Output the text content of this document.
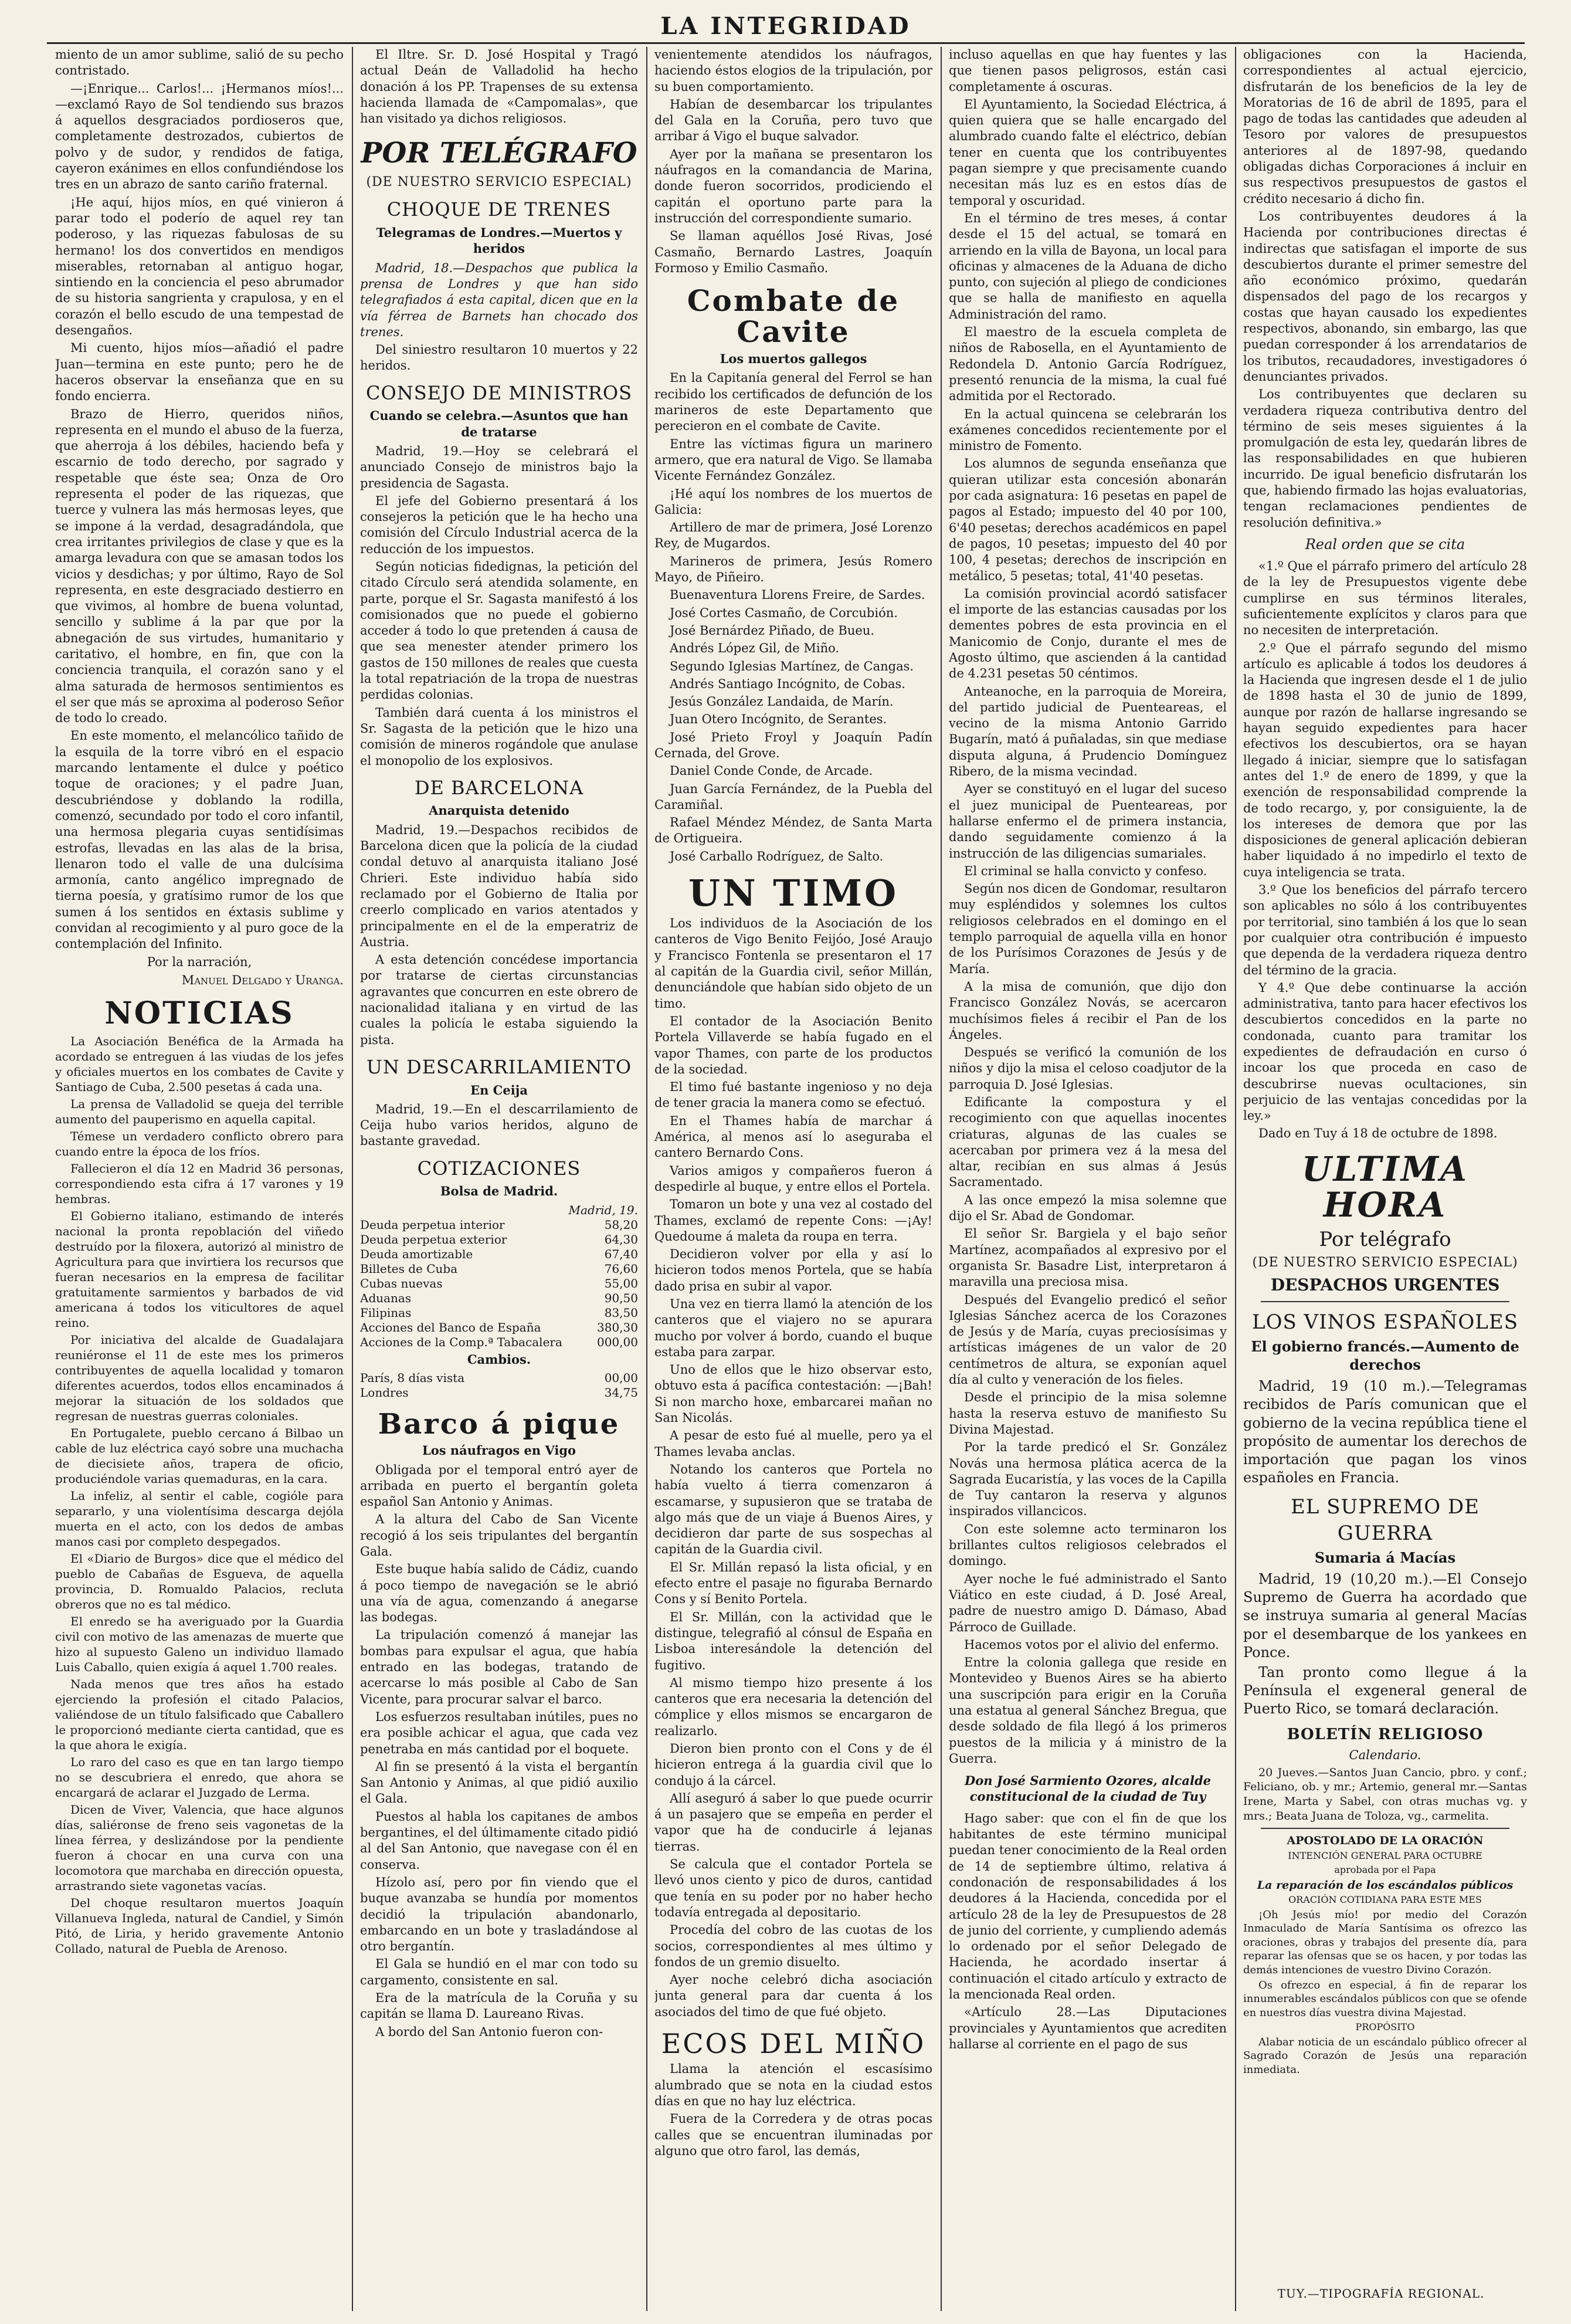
LA INTEGRIDAD

miento de un amor sublime, salió de su pecho contristado.

—¡Enrique... Carlos!... ¡Hermanos míos!...—exclamó Rayo de Sol tendiendo sus brazos á aquellos desgraciados pordioseros que, completamente destrozados, cubiertos de polvo y de sudor, y rendidos de fatiga, cayeron exánimes en ellos confundiéndose los tres en un abrazo de santo cariño fraternal.

¡He aquí, hijos míos, en qué vinieron á parar todo el poderío de aquel rey tan poderoso, y las riquezas fabulosas de su hermano! los dos convertidos en mendigos miserables, retornaban al antiguo hogar, sintiendo en la conciencia el peso abrumador de su historia sangrienta y crapulosa, y en el corazón el bello escudo de una tempestad de desengaños.

Mi cuento, hijos míos—añadió el padre Juan—termina en este punto; pero he de haceros observar la enseñanza que en su fondo encierra.

Brazo de Hierro, queridos niños, representa en el mundo el abuso de la fuerza, que aherroja á los débiles, haciendo befa y escarnio de todo derecho, por sagrado y respetable que éste sea; Onza de Oro representa el poder de las riquezas, que tuerce y vulnera las más hermosas leyes, que se impone á la verdad, desagradándola, que crea irritantes privilegios de clase y que es la amarga levadura con que se amasan todos los vicios y desdichas; y por último, Rayo de Sol representa, en este desgraciado destierro en que vivimos, al hombre de buena voluntad, sencillo y sublime á la par que por la abnegación de sus virtudes, humanitario y caritativo, el hombre, en fin, que con la conciencia tranquila, el corazón sano y el alma saturada de hermosos sentimientos es el ser que más se aproxima al poderoso Señor de todo lo creado.

En este momento, el melancólico tañido de la esquila de la torre vibró en el espacio marcando lentamente el dulce y poético toque de oraciones; y el padre Juan, descubriéndose y doblando la rodilla, comenzó, secundado por todo el coro infantil, una hermosa plegaria cuyas sentidísimas estrofas, llevadas en las alas de la brisa, llenaron todo el valle de una dulcísima armonía, canto angélico impregnado de tierna poesía, y gratísimo rumor de los que sumen á los sentidos en éxtasis sublime y convidan al recogimiento y al puro goce de la contemplación del Infinito.

Por la narración,

Manuel Delgado y Uranga.
NOTICIAS

La Asociación Benéfica de la Armada ha acordado se entreguen á las viudas de los jefes y oficiales muertos en los combates de Cavite y Santiago de Cuba, 2.500 pesetas á cada una.

La prensa de Valladolid se queja del terrible aumento del pauperismo en aquella capital.

Témese un verdadero conflicto obrero para cuando entre la época de los fríos.

Fallecieron el día 12 en Madrid 36 personas, correspondiendo esta cifra á 17 varones y 19 hembras.

El Gobierno italiano, estimando de interés nacional la pronta repoblación del viñedo destruído por la filoxera, autorizó al ministro de Agricultura para que invirtiera los recursos que fueran necesarios en la empresa de facilitar gratuitamente sarmientos y barbados de vid americana á todos los viticultores de aquel reino.

Por iniciativa del alcalde de Guadalajara reuniéronse el 11 de este mes los primeros contribuyentes de aquella localidad y tomaron diferentes acuerdos, todos ellos encaminados á mejorar la situación de los soldados que regresan de nuestras guerras coloniales.

En Portugalete, pueblo cercano á Bilbao un cable de luz eléctrica cayó sobre una muchacha de diecisiete años, trapera de oficio, produciéndole varias quemaduras, en la cara.

La infeliz, al sentir el cable, cogióle para separarlo, y una violentísima descarga dejóla muerta en el acto, con los dedos de ambas manos casi por completo despegados.

El «Diario de Burgos» dice que el médico del pueblo de Cabañas de Esgueva, de aquella provincia, D. Romualdo Palacios, recluta obreros que no es tal médico.

El enredo se ha averiguado por la Guardia civil con motivo de las amenazas de muerte que hizo al supuesto Galeno un individuo llamado Luis Caballo, quien exigía á aquel 1.700 reales.

Nada menos que tres años ha estado ejerciendo la profesión el citado Palacios, valiéndose de un título falsificado que Caballero le proporcionó mediante cierta cantidad, que es la que ahora le exigía.

Lo raro del caso es que en tan largo tiempo no se descubriera el enredo, que ahora se encargará de aclarar el Juzgado de Lerma.

Dicen de Viver, Valencia, que hace algunos días, saliéronse de freno seis vagonetas de la línea férrea, y deslizándose por la pendiente fueron á chocar en una curva con una locomotora que marchaba en dirección opuesta, arrastrando siete vagonetas vacías.

Del choque resultaron muertos Joaquín Villanueva Ingleda, natural de Candiel, y Simón Pitó, de Liria, y herido gravemente Antonio Collado, natural de Puebla de Arenoso.

El Iltre. Sr. D. José Hospital y Tragó actual Deán de Valladolid ha hecho donación á los PP. Trapenses de su extensa hacienda llamada de «Campomalas», que han visitado ya dichos religiosos.

POR TELÉGRAFO
(DE NUESTRO SERVICIO ESPECIAL)
CHOQUE DE TRENES
Telegramas de Londres.—Muertos y heridos

Madrid, 18.—Despachos que publica la prensa de Londres y que han sido telegrafiados á esta capital, dicen que en la vía férrea de Barnets han chocado dos trenes.

Del siniestro resultaron 10 muertos y 22 heridos.

CONSEJO DE MINISTROS
Cuando se celebra.—Asuntos que han de tratarse

Madrid, 19.—Hoy se celebrará el anunciado Consejo de ministros bajo la presidencia de Sagasta.

El jefe del Gobierno presentará á los consejeros la petición que le ha hecho una comisión del Círculo Industrial acerca de la reducción de los impuestos.

Según noticias fidedignas, la petición del citado Círculo será atendida solamente, en parte, porque el Sr. Sagasta manifestó á los comisionados que no puede el gobierno acceder á todo lo que pretenden á causa de que sea menester atender primero los gastos de 150 millones de reales que cuesta la total repatriación de la tropa de nuestras perdidas colonias.

También dará cuenta á los ministros el Sr. Sagasta de la petición que le hizo una comisión de mineros rogándole que anulase el monopolio de los explosivos.

DE BARCELONA
Anarquista detenido

Madrid, 19.—Despachos recibidos de Barcelona dicen que la policía de la ciudad condal detuvo al anarquista italiano José Chrieri. Este individuo había sido reclamado por el Gobierno de Italia por creerlo complicado en varios atentados y principalmente en el de la emperatriz de Austria.

A esta detención concédese importancia por tratarse de ciertas circunstancias agravantes que concurren en este obrero de nacionalidad italiana y en virtud de las cuales la policía le estaba siguiendo la pista.

UN DESCARRILAMIENTO
En Ceija

Madrid, 19.—En el descarrilamiento de Ceija hubo varios heridos, alguno de bastante gravedad.

COTIZACIONES
Bolsa de Madrid.
Madrid, 19.
Deuda perpetua interior	58,20
Deuda perpetua exterior	64,30
Deuda amortizable	67,40
Billetes de Cuba	76,60
Cubas nuevas	55,00
Aduanas	90,50
Filipinas	83,50
Acciones del Banco de España	380,30
Acciones de la Comp.ª Tabacalera	000,00
Cambios.
París, 8 días vista	00,00
Londres	34,75
Barco á pique
Los náufragos en Vigo

Obligada por el temporal entró ayer de arribada en puerto el bergantín goleta español San Antonio y Animas.

A la altura del Cabo de San Vicente recogió á los seis tripulantes del bergantín Gala.

Este buque había salido de Cádiz, cuando á poco tiempo de navegación se le abrió una vía de agua, comenzando á anegarse las bodegas.

La tripulación comenzó á manejar las bombas para expulsar el agua, que había entrado en las bodegas, tratando de acercarse lo más posible al Cabo de San Vicente, para procurar salvar el barco.

Los esfuerzos resultaban inútiles, pues no era posible achicar el agua, que cada vez penetraba en más cantidad por el boquete.

Al fin se presentó á la vista el bergantín San Antonio y Animas, al que pidió auxilio el Gala.

Puestos al habla los capitanes de ambos bergantines, el del últimamente citado pidió al del San Antonio, que navegase con él en conserva.

Hízolo así, pero por fin viendo que el buque avanzaba se hundía por momentos decidió la tripulación abandonarlo, embarcando en un bote y trasladándose al otro bergantín.

El Gala se hundió en el mar con todo su cargamento, consistente en sal.

Era de la matrícula de la Coruña y su capitán se llama D. Laureano Rivas.

A bordo del San Antonio fueron con-

venientemente atendidos los náufragos, haciendo éstos elogios de la tripulación, por su buen comportamiento.

Habían de desembarcar los tripulantes del Gala en la Coruña, pero tuvo que arribar á Vigo el buque salvador.

Ayer por la mañana se presentaron los náufragos en la comandancia de Marina, donde fueron socorridos, prodiciendo el capitán el oportuno parte para la instrucción del correspondiente sumario.

Se llaman aquéllos José Rivas, José Casmaño, Bernardo Lastres, Joaquín Formoso y Emilio Casmaño.

Combate de Cavite
Los muertos gallegos

En la Capitanía general del Ferrol se han recibido los certificados de defunción de los marineros de este Departamento que perecieron en el combate de Cavite.

Entre las víctimas figura un marinero armero, que era natural de Vigo. Se llamaba Vicente Fernández González.

¡Hé aquí los nombres de los muertos de Galicia:

Artillero de mar de primera, José Lorenzo Rey, de Mugardos.

Marineros de primera, Jesús Romero Mayo, de Piñeiro.

Buenaventura Llorens Freire, de Sardes.

José Cortes Casmaño, de Corcubión.

José Bernárdez Piñado, de Bueu.

Andrés López Gil, de Miño.

Segundo Iglesias Martínez, de Cangas.

Andrés Santiago Incógnito, de Cobas.

Jesús González Landaida, de Marín.

Juan Otero Incógnito, de Serantes.

José Prieto Froyl y Joaquín Padín Cernada, del Grove.

Daniel Conde Conde, de Arcade.

Juan García Fernández, de la Puebla del Caramiñal.

Rafael Méndez Méndez, de Santa Marta de Ortigueira.

José Carballo Rodríguez, de Salto.

UN TIMO

Los individuos de la Asociación de los canteros de Vigo Benito Feijóo, José Araujo y Francisco Fontenla se presentaron el 17 al capitán de la Guardia civil, señor Millán, denunciándole que habían sido objeto de un timo.

El contador de la Asociación Benito Portela Villaverde se había fugado en el vapor Thames, con parte de los productos de la sociedad.

El timo fué bastante ingenioso y no deja de tener gracia la manera como se efectuó.

En el Thames había de marchar á América, al menos así lo aseguraba el cantero Bernardo Cons.

Varios amigos y compañeros fueron á despedirle al buque, y entre ellos el Portela.

Tomaron un bote y una vez al costado del Thames, exclamó de repente Cons: —¡Ay! Quedoume á maleta da roupa en terra.

Decidieron volver por ella y así lo hicieron todos menos Portela, que se había dado prisa en subir al vapor.

Una vez en tierra llamó la atención de los canteros que el viajero no se apurara mucho por volver á bordo, cuando el buque estaba para zarpar.

Uno de ellos que le hizo observar esto, obtuvo esta á pacífica contestación: —¡Bah! Si non marcho hoxe, embarcarei mañan no San Nicolás.

A pesar de esto fué al muelle, pero ya el Thames levaba anclas.

Notando los canteros que Portela no había vuelto á tierra comenzaron á escamarse, y supusieron que se trataba de algo más que de un viaje á Buenos Aires, y decidieron dar parte de sus sospechas al capitán de la Guardia civil.

El Sr. Millán repasó la lista oficial, y en efecto entre el pasaje no figuraba Bernardo Cons y sí Benito Portela.

El Sr. Millán, con la actividad que le distingue, telegrafió al cónsul de España en Lisboa interesándole la detención del fugitivo.

Al mismo tiempo hizo presente á los canteros que era necesaria la detención del cómplice y ellos mismos se encargaron de realizarlo.

Dieron bien pronto con el Cons y de él hicieron entrega á la guardia civil que lo condujo á la cárcel.

Allí aseguró á saber lo que puede ocurrir á un pasajero que se empeña en perder el vapor que ha de conducirle á lejanas tierras.

Se calcula que el contador Portela se llevó unos ciento y pico de duros, cantidad que tenía en su poder por no haber hecho todavía entregada al depositario.

Procedía del cobro de las cuotas de los socios, correspondientes al mes último y fondos de un gremio disuelto.

Ayer noche celebró dicha asociación junta general para dar cuenta á los asociados del timo de que fué objeto.

ECOS DEL MIÑO

Llama la atención el escasísimo alumbrado que se nota en la ciudad estos días en que no hay luz eléctrica.

Fuera de la Corredera y de otras pocas calles que se encuentran iluminadas por alguno que otro farol, las demás,

incluso aquellas en que hay fuentes y las que tienen pasos peligrosos, están casi completamente á oscuras.

El Ayuntamiento, la Sociedad Eléctrica, á quien quiera que se halle encargado del alumbrado cuando falte el eléctrico, debían tener en cuenta que los contribuyentes pagan siempre y que precisamente cuando necesitan más luz es en estos días de temporal y oscuridad.

En el término de tres meses, á contar desde el 15 del actual, se tomará en arriendo en la villa de Bayona, un local para oficinas y almacenes de la Aduana de dicho punto, con sujeción al pliego de condiciones que se halla de manifiesto en aquella Administración del ramo.

El maestro de la escuela completa de niños de Rabosella, en el Ayuntamiento de Redondela D. Antonio García Rodríguez, presentó renuncia de la misma, la cual fué admitida por el Rectorado.

En la actual quincena se celebrarán los exámenes concedidos recientemente por el ministro de Fomento.

Los alumnos de segunda enseñanza que quieran utilizar esta concesión abonarán por cada asignatura: 16 pesetas en papel de pagos al Estado; impuesto del 40 por 100, 6'40 pesetas; derechos académicos en papel de pagos, 10 pesetas; impuesto del 40 por 100, 4 pesetas; derechos de inscripción en metálico, 5 pesetas; total, 41'40 pesetas.

La comisión provincial acordó satisfacer el importe de las estancias causadas por los dementes pobres de esta provincia en el Manicomio de Conjo, durante el mes de Agosto último, que ascienden á la cantidad de 4.231 pesetas 50 céntimos.

Anteanoche, en la parroquia de Moreira, del partido judicial de Puenteareas, el vecino de la misma Antonio Garrido Bugarín, mató á puñaladas, sin que mediase disputa alguna, á Prudencio Domínguez Ribero, de la misma vecindad.

Ayer se constituyó en el lugar del suceso el juez municipal de Puenteareas, por hallarse enfermo el de primera instancia, dando seguidamente comienzo á la instrucción de las diligencias sumariales.

El criminal se halla convicto y confeso.

Según nos dicen de Gondomar, resultaron muy espléndidos y solemnes los cultos religiosos celebrados en el domingo en el templo parroquial de aquella villa en honor de los Purísimos Corazones de Jesús y de María.

A la misa de comunión, que dijo don Francisco González Novás, se acercaron muchísimos fieles á recibir el Pan de los Ángeles.

Después se verificó la comunión de los niños y dijo la misa el celoso coadjutor de la parroquia D. José Iglesias.

Edificante la compostura y el recogimiento con que aquellas inocentes criaturas, algunas de las cuales se acercaban por primera vez á la mesa del altar, recibían en sus almas á Jesús Sacramentado.

A las once empezó la misa solemne que dijo el Sr. Abad de Gondomar.

El señor Sr. Bargiela y el bajo señor Martínez, acompañados al expresivo por el organista Sr. Basadre List, interpretaron á maravilla una preciosa misa.

Después del Evangelio predicó el señor Iglesias Sánchez acerca de los Corazones de Jesús y de María, cuyas preciosísimas y artísticas imágenes de un valor de 20 centímetros de altura, se exponían aquel día al culto y veneración de los fieles.

Desde el principio de la misa solemne hasta la reserva estuvo de manifiesto Su Divina Majestad.

Por la tarde predicó el Sr. González Novás una hermosa plática acerca de la Sagrada Eucaristía, y las voces de la Capilla de Tuy cantaron la reserva y algunos inspirados villancicos.

Con este solemne acto terminaron los brillantes cultos religiosos celebrados el domingo.

Ayer noche le fué administrado el Santo Viático en este ciudad, á D. José Areal, padre de nuestro amigo D. Dámaso, Abad Párroco de Guillade.

Hacemos votos por el alivio del enfermo.

Entre la colonia gallega que reside en Montevideo y Buenos Aires se ha abierto una suscripción para erigir en la Coruña una estatua al general Sánchez Bregua, que desde soldado de fila llegó á los primeros puestos de la milicia y á ministro de la Guerra.

Don José Sarmiento Ozores, alcalde constitucional de la ciudad de Tuy

Hago saber: que con el fin de que los habitantes de este término municipal puedan tener conocimiento de la Real orden de 14 de septiembre último, relativa á condonación de responsabilidades á los deudores á la Hacienda, concedida por el artículo 28 de la ley de Presupuestos de 28 de junio del corriente, y cumpliendo además lo ordenado por el señor Delegado de Hacienda, he acordado insertar á continuación el citado artículo y extracto de la mencionada Real orden.

«Artículo 28.—Las Diputaciones provinciales y Ayuntamientos que acrediten hallarse al corriente en el pago de sus

obligaciones con la Hacienda, correspondientes al actual ejercicio, disfrutarán de los beneficios de la ley de Moratorias de 16 de abril de 1895, para el pago de todas las cantidades que adeuden al Tesoro por valores de presupuestos anteriores al de 1897-98, quedando obligadas dichas Corporaciones á incluir en sus respectivos presupuestos de gastos el crédito necesario á dicho fin.

Los contribuyentes deudores á la Hacienda por contribuciones directas é indirectas que satisfagan el importe de sus descubiertos durante el primer semestre del año económico próximo, quedarán dispensados del pago de los recargos y costas que hayan causado los expedientes respectivos, abonando, sin embargo, las que puedan corresponder á los arrendatarios de los tributos, recaudadores, investigadores ó denunciantes privados.

Los contribuyentes que declaren su verdadera riqueza contributiva dentro del término de seis meses siguientes á la promulgación de esta ley, quedarán libres de las responsabilidades en que hubieren incurrido. De igual beneficio disfrutarán los que, habiendo firmado las hojas evaluatorias, tengan reclamaciones pendientes de resolución definitiva.»

Real orden que se cita

«1.º Que el párrafo primero del artículo 28 de la ley de Presupuestos vigente debe cumplirse en sus términos literales, suficientemente explícitos y claros para que no necesiten de interpretación.

2.º Que el párrafo segundo del mismo artículo es aplicable á todos los deudores á la Hacienda que ingresen desde el 1 de julio de 1898 hasta el 30 de junio de 1899, aunque por razón de hallarse ingresando se hayan seguido expedientes para hacer efectivos los descubiertos, ora se hayan llegado á iniciar, siempre que lo satisfagan antes del 1.º de enero de 1899, y que la exención de responsabilidad comprende la de todo recargo, y, por consiguiente, la de los intereses de demora que por las disposiciones de general aplicación debieran haber liquidado á no impedirlo el texto de cuya inteligencia se trata.

3.º Que los beneficios del párrafo tercero son aplicables no sólo á los contribuyentes por territorial, sino también á los que lo sean por cualquier otra contribución é impuesto que dependa de la verdadera riqueza dentro del término de la gracia.

Y 4.º Que debe continuarse la acción administrativa, tanto para hacer efectivos los descubiertos concedidos en la parte no condonada, cuanto para tramitar los expedientes de defraudación en curso ó incoar los que proceda en caso de descubrirse nuevas ocultaciones, sin perjuicio de las ventajas concedidas por la ley.»

Dado en Tuy á 18 de octubre de 1898.

ULTIMA HORA
Por telégrafo
(DE NUESTRO SERVICIO ESPECIAL)
DESPACHOS URGENTES
LOS VINOS ESPAÑOLES
El gobierno francés.—Aumento de derechos

Madrid, 19 (10 m.).—Telegramas recibidos de París comunican que el gobierno de la vecina república tiene el propósito de aumentar los derechos de importación que pagan los vinos españoles en Francia.

EL SUPREMO DE GUERRA
Sumaria á Macías

Madrid, 19 (10,20 m.).—El Consejo Supremo de Guerra ha acordado que se instruya sumaria al general Macías por el desembarque de los yankees en Ponce.

Tan pronto como llegue á la Península el exgeneral general de Puerto Rico, se tomará declaración.

BOLETÍN RELIGIOSO

Calendario.

20 Jueves.—Santos Juan Cancio, pbro. y conf.; Feliciano, ob. y mr.; Artemio, general mr.—Santas Irene, Marta y Sabel, con otras muchas vg. y mrs.; Beata Juana de Toloza, vg., carmelita.

APOSTOLADO DE LA ORACIÓN

INTENCIÓN GENERAL PARA OCTUBRE

aprobada por el Papa

La reparación de los escándalos públicos

ORACIÓN COTIDIANA PARA ESTE MES

¡Oh Jesús mío! por medio del Corazón Inmaculado de María Santísima os ofrezco las oraciones, obras y trabajos del presente día, para reparar las ofensas que se os hacen, y por todas las demás intenciones de vuestro Divino Corazón.

Os ofrezco en especial, á fin de reparar los innumerables escándalos públicos con que se ofende en nuestros días vuestra divina Majestad.

PROPÓSITO

Alabar noticia de un escándalo público ofrecer al Sagrado Corazón de Jesús una reparación inmediata.

TUY.—TIPOGRAFÍA REGIONAL.
